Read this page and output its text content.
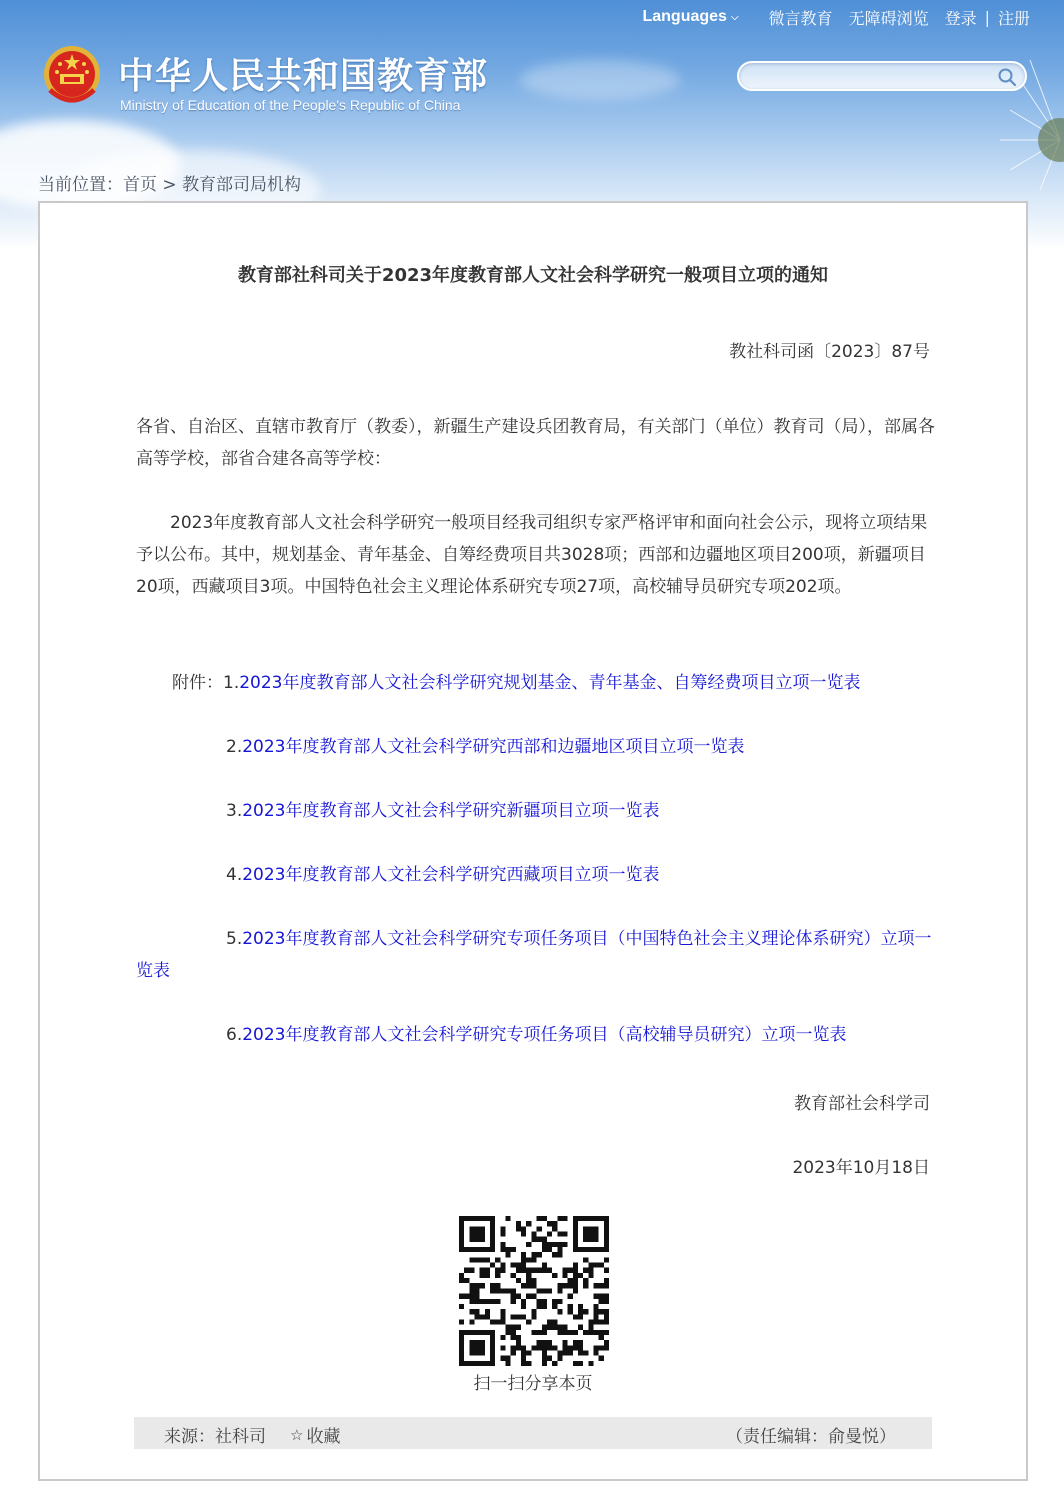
Languages ⌵ 微言教育 无障碍浏览 登录 | 注册
中华人民共和国教育部
Ministry of Education of the People's Republic of China
当前位置：首页 > 教育部司局机构
教育部社科司关于2023年度教育部人文社会科学研究一般项目立项的通知
教社科司函〔2023〕87号
各省、自治区、直辖市教育厅（教委），新疆生产建设兵团教育局，有关部门（单位）教育司（局），部属各高等学校，部省合建各高等学校：
2023年度教育部人文社会科学研究一般项目经我司组织专家严格评审和面向社会公示，现将立项结果予以公布。其中，规划基金、青年基金、自筹经费项目共3028项；西部和边疆地区项目200项，新疆项目20项，西藏项目3项。中国特色社会主义理论体系研究专项27项，高校辅导员研究专项202项。
附件：1.2023年度教育部人文社会科学研究规划基金、青年基金、自筹经费项目立项一览表
2.2023年度教育部人文社会科学研究西部和边疆地区项目立项一览表
3.2023年度教育部人文社会科学研究新疆项目立项一览表
4.2023年度教育部人文社会科学研究西藏项目立项一览表
5.2023年度教育部人文社会科学研究专项任务项目（中国特色社会主义理论体系研究）立项一览表
6.2023年度教育部人文社会科学研究专项任务项目（高校辅导员研究）立项一览表
教育部社会科学司
2023年10月18日
扫一扫分享本页
来源：社科司 ☆ 收藏	（责任编辑：俞曼悦）
